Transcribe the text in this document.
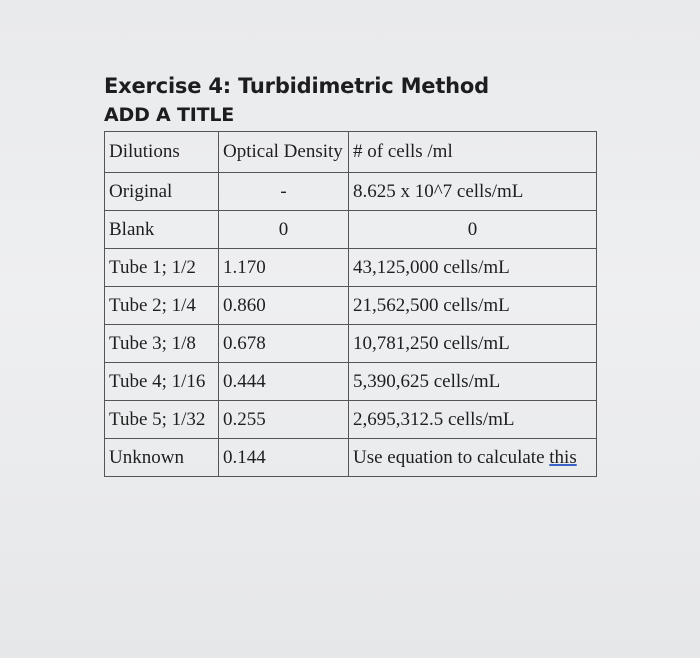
Exercise 4: Turbidimetric Method
ADD A TITLE
Dilutions	Optical Density	# of cells /ml
Original	-	8.625 x 10^7 cells/mL
Blank	0	0
Tube 1; 1/2	1.170	43,125,000 cells/mL
Tube 2; 1/4	0.860	21,562,500 cells/mL
Tube 3; 1/8	0.678	10,781,250 cells/mL
Tube 4; 1/16	0.444	5,390,625 cells/mL
Tube 5; 1/32	0.255	2,695,312.5 cells/mL
Unknown	0.144	Use equation to calculate this
